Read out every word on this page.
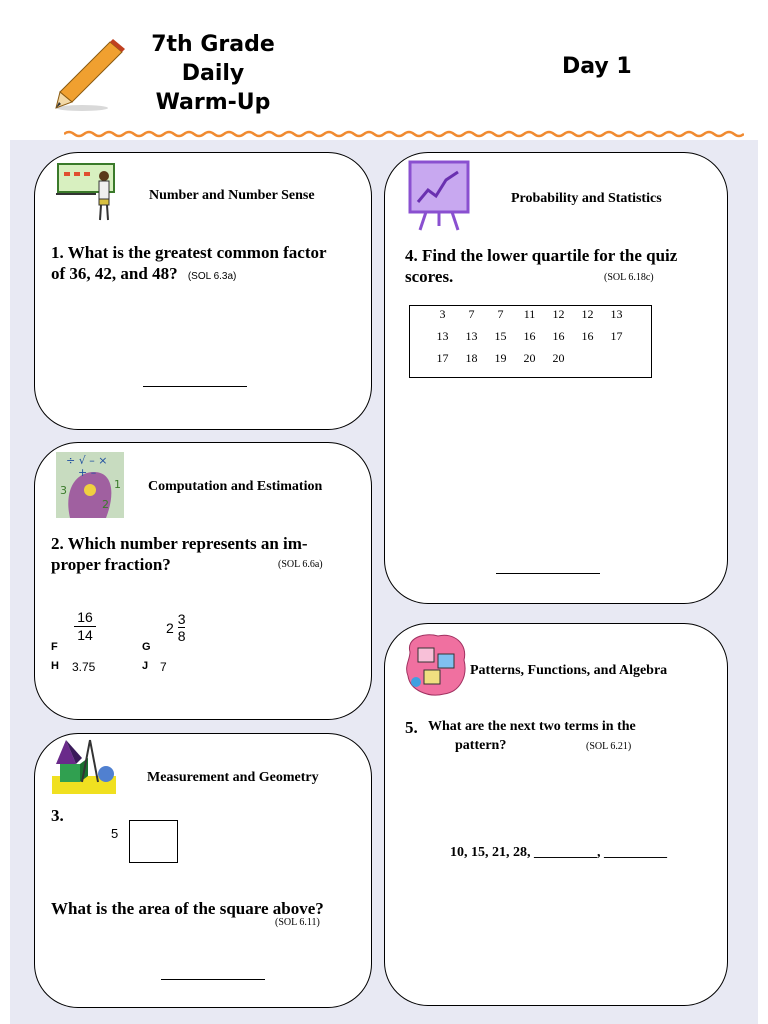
7th Grade
Daily
Warm-Up
Day 1
Number and Number Sense
1. What is the greatest common factor
of 36, 42, and 48? (SOL 6.3a)
÷ √ – ×
+ –
3	1
2
Computation and Estimation
2. Which number represents an im-
proper fraction?	(SOL 6.6a)
$\frac{16}{14}$	$2 \frac{3}{8}$
F	G
H 3.75	J 7
Measurement and Geometry
3.
5
What is the area of the square above?
(SOL 6.11)
Probability and Statistics
4. Find the lower quartile for the quiz
scores.	(SOL 6.18c)
3	7	7	11	12	12	13
13	13	15	16	16	16	17
17	18	19	20	20		
Patterns, Functions, and Algebra
5. What are the next two terms in the
pattern?	(SOL 6.21)
10, 15, 21, 28, _________, _________
